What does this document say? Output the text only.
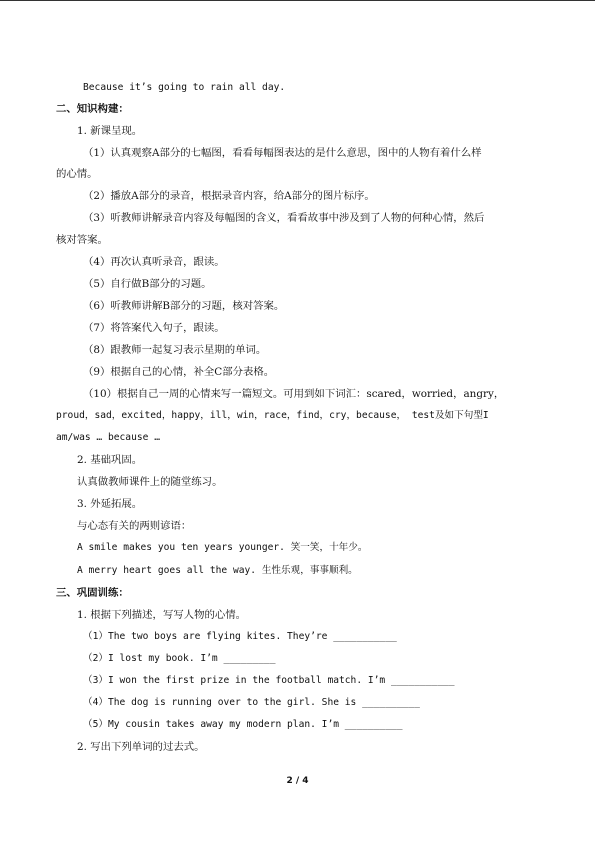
Because it’s going to rain all day.
二、知识构建：
1. 新课呈现。
（1）认真观察A部分的七幅图，看看每幅图表达的是什么意思，图中的人物有着什么样
的心情。
（2）播放A部分的录音，根据录音内容，给A部分的图片标序。
（3）听教师讲解录音内容及每幅图的含义，看看故事中涉及到了人物的何种心情，然后
核对答案。
（4）再次认真听录音，跟读。
（5）自行做B部分的习题。
（6）听教师讲解B部分的习题，核对答案。
（7）将答案代入句子，跟读。
（8）跟教师一起复习表示星期的单词。
（9）根据自己的心情，补全C部分表格。
（10）根据自己一周的心情来写一篇短文。可用到如下词汇：scared，worried，angry，
proud，sad，excited，happy，ill，win，race，find，cry，because， test及如下句型I
am/was … because …
2. 基础巩固。
认真做教师课件上的随堂练习。
3. 外延拓展。
与心态有关的两则谚语：
A smile makes you ten years younger. 笑一笑，十年少。
A merry heart goes all the way. 生性乐观，事事顺利。
三、巩固训练：
1. 根据下列描述，写写人物的心情。
（1）The two boys are flying kites. They’re ___________
（2）I lost my book. I’m _________
（3）I won the first prize in the football match. I’m ___________
（4）The dog is running over to the girl. She is __________
（5）My cousin takes away my modern plan. I’m __________
2. 写出下列单词的过去式。
2 / 4
